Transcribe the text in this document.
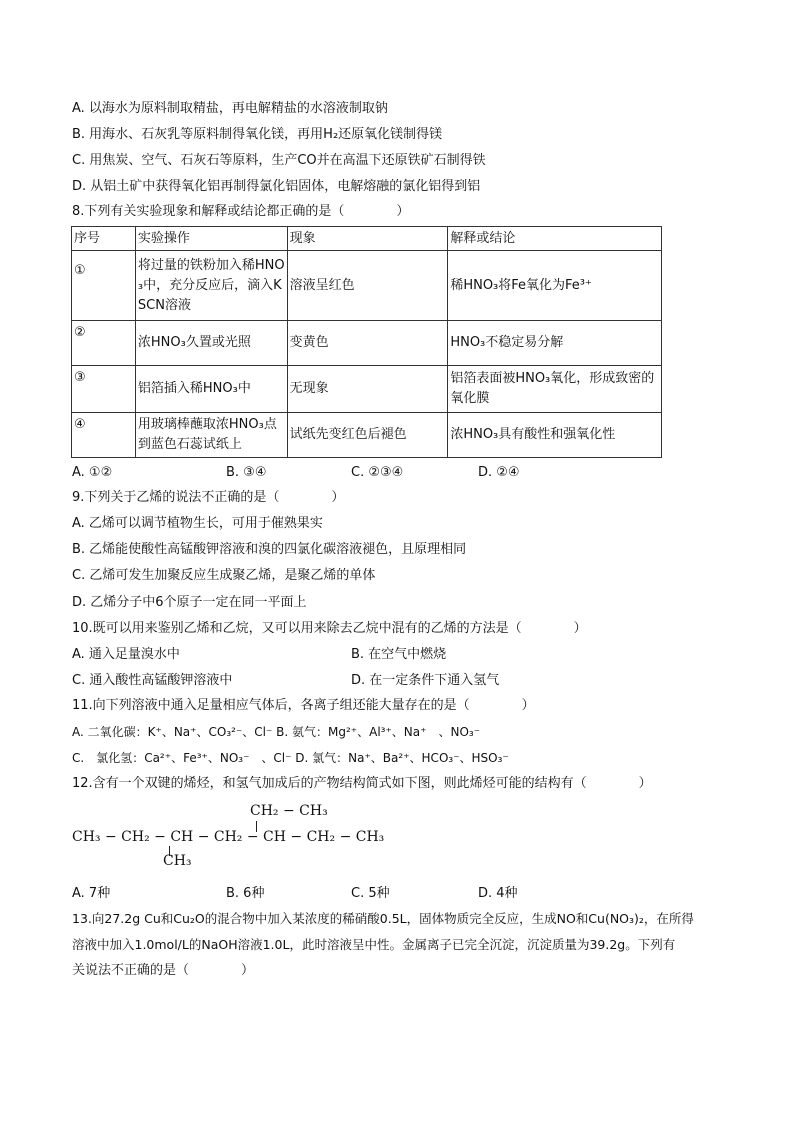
A. 以海水为原料制取精盐，再电解精盐的水溶液制取钠
B. 用海水、石灰乳等原料制得氧化镁，再用H₂还原氧化镁制得镁
C. 用焦炭、空气、石灰石等原料，生产CO并在高温下还原铁矿石制得铁
D. 从铝土矿中获得氧化铝再制得氯化铝固体，电解熔融的氯化铝得到铝
8.下列有关实验现象和解释或结论都正确的是（　　　　）
序号	实验操作	现象	解释或结论
①	将过量的铁粉加入稀HNO₃中，充分反应后，滴入KSCN溶液	溶液呈红色	稀HNO₃将Fe氧化为Fe³⁺
②	浓HNO₃久置或光照	变黄色	HNO₃不稳定易分解
③	铝箔插入稀HNO₃中	无现象	铝箔表面被HNO₃氧化，形成致密的氧化膜
④	用玻璃棒蘸取浓HNO₃点到蓝色石蕊试纸上	试纸先变红色后褪色	浓HNO₃具有酸性和强氧化性
A. ①②	B. ③④	C. ②③④	D. ②④
9.下列关于乙烯的说法不正确的是（　　　　）
A. 乙烯可以调节植物生长，可用于催熟果实
B. 乙烯能使酸性高锰酸钾溶液和溴的四氯化碳溶液褪色，且原理相同
C. 乙烯可发生加聚反应生成聚乙烯，是聚乙烯的单体
D. 乙烯分子中6个原子一定在同一平面上
10.既可以用来鉴别乙烯和乙烷，又可以用来除去乙烷中混有的乙烯的方法是（　　　　）
A. 通入足量溴水中	B. 在空气中燃烧
C. 通入酸性高锰酸钾溶液中	D. 在一定条件下通入氢气
11.向下列溶液中通入足量相应气体后，各离子组还能大量存在的是（　　　　）
A. 二氧化碳：K⁺、Na⁺、CO₃²⁻、Cl⁻ B. 氨气：Mg²⁺、Al³⁺、Na⁺　、NO₃⁻
C.　氯化氢：Ca²⁺、Fe³⁺、NO₃⁻　、Cl⁻ D. 氯气：Na⁺、Ba²⁺、HCO₃⁻、HSO₃⁻
12.含有一个双键的烯烃，和氢气加成后的产物结构简式如下图，则此烯烃可能的结构有（　　　　）
CH₂ − CH₃
CH₃ − CH₂ − CH − CH₂ − CH − CH₂ − CH₃
CH₃
A. 7种	B. 6种	C. 5种	D. 4种
13.向27.2g Cu和Cu₂O的混合物中加入某浓度的稀硝酸0.5L，固体物质完全反应，生成NO和Cu(NO₃)₂，在所得
溶液中加入1.0mol/L的NaOH溶液1.0L，此时溶液呈中性。金属离子已完全沉淀，沉淀质量为39.2g。下列有
关说法不正确的是（　　　　）
